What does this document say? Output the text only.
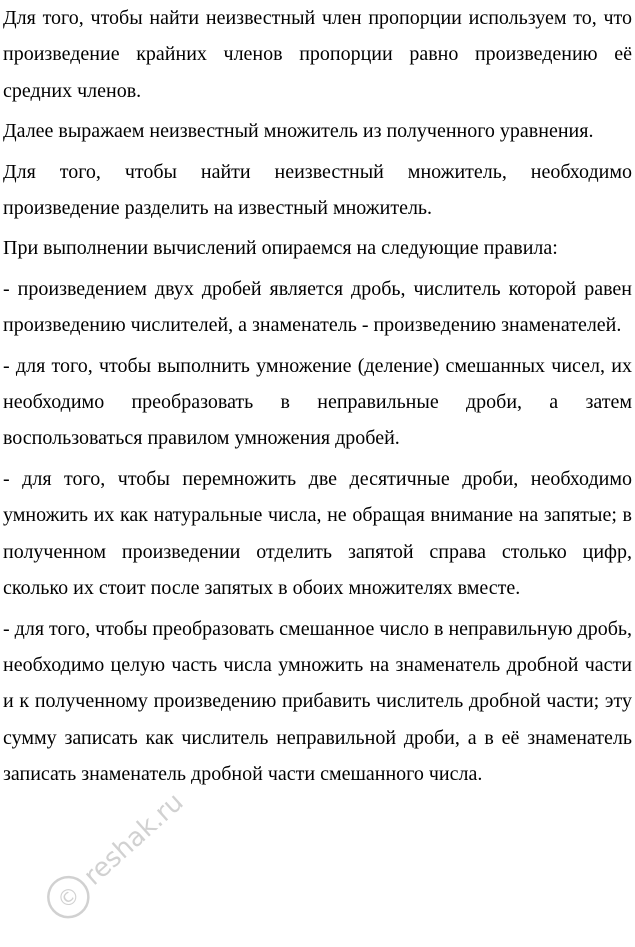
Для того, чтобы найти неизвестный член пропорции используем то, что произведение крайних членов пропорции равно произведению её средних членов.

Далее выражаем неизвестный множитель из полученного уравнения.

Для того, чтобы найти неизвестный множитель, необходимо произведение разделить на известный множитель.

При выполнении вычислений опираемся на следующие правила:

- произведением двух дробей является дробь, числитель которой равен произведению числителей, а знаменатель - произведению знаменателей.

- для того, чтобы выполнить умножение (деление) смешанных чисел, их необходимо преобразовать в неправильные дроби, а затем воспользоваться правилом умножения дробей.

- для того, чтобы перемножить две десятичные дроби, необходимо умножить их как натуральные числа, не обращая внимание на запятые; в полученном произведении отделить запятой справа столько цифр, сколько их стоит после запятых в обоих множителях вместе.

- для того, чтобы преобразовать смешанное число в неправильную дробь, необходимо целую часть числа умножить на знаменатель дробной части и к полученному произведению прибавить числитель дробной части; эту сумму записать как числитель неправильной дроби, а в её знаменатель записать знаменатель дробной части смешанного числа.

©
reshak.ru
